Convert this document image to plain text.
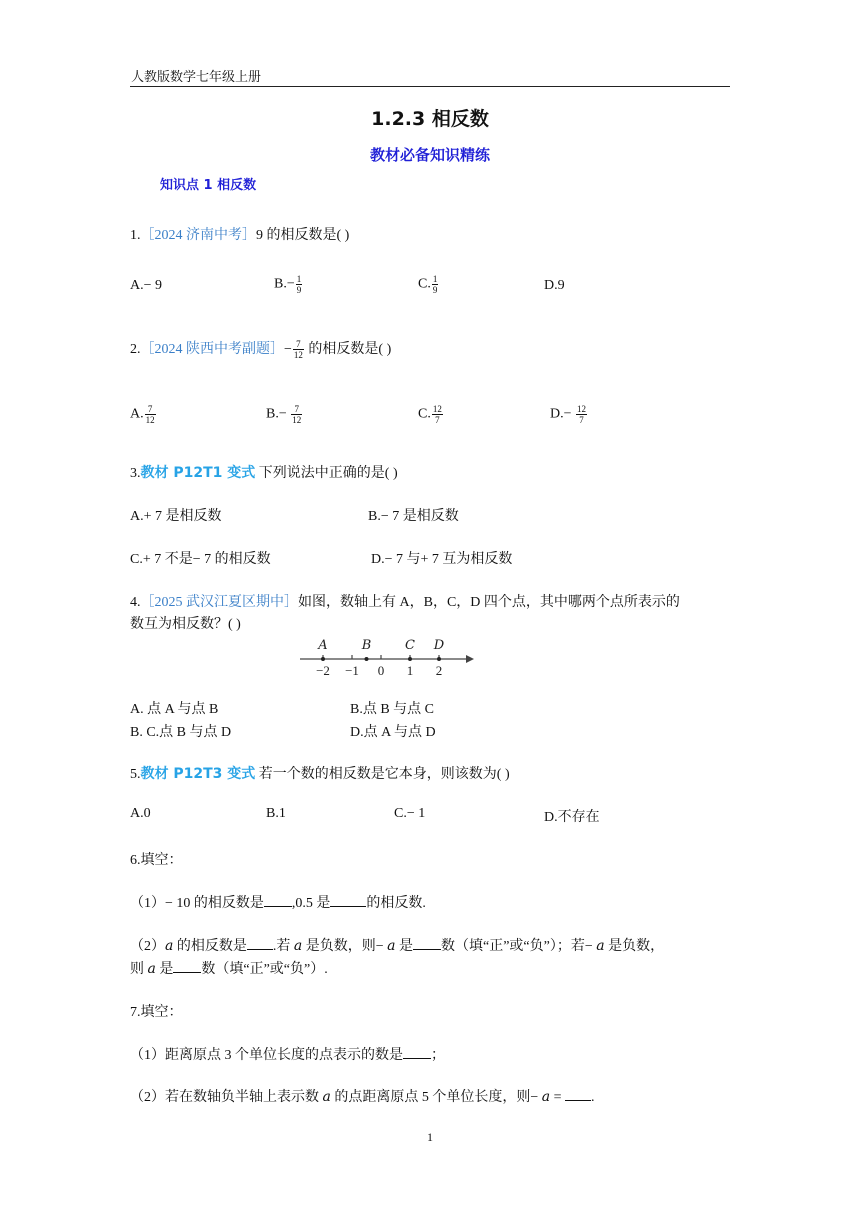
人教版数学七年级上册
1.2.3 相反数
教材必备知识精练
知识点 1 相反数
1.［2024 济南中考］9 的相反数是( )
A.− 9	$B.- \frac{1}{9}$	C. $\frac{1}{9}$	D.9
2.［2024 陕西中考副题］− $\frac{7}{12}$ 的相反数是( )
A. $\frac{7}{12}$	$B.- \frac{7}{12}$	C. $\frac{12}{7}$	$D.- \frac{12}{7}$
3.教材 P12T1 变式 下列说法中正确的是( )
A.+ 7 是相反数	B.− 7 是相反数
C.+ 7 不是− 7 的相反数	D.− 7 与+ 7 互为相反数
4.［2025 武汉江夏区期中］如图，数轴上有 A，B，C，D 四个点，其中哪两个点所表示的
数互为相反数？( )
−2 −1 0 1 2
A	B	C D
A. 点 A 与点 B	B.点 B 与点 C
B. C.点 B 与点 D	D.点 A 与点 D
5.教材 P12T3 变式 若一个数的相反数是它本身，则该数为( )
A.0	B.1	C.− 1	D.不存在
6.填空：
（1）− 10 的相反数是 ,0.5 是	的相反数.
（2）a 的相反数是 .若 a 是负数，则− a 是 数（填“正”或“负”）；若− a 是负数，
则 a 是 数（填“正”或“负”）.
7.填空：
（1）距离原点 3 个单位长度的点表示的数是 ；
（2）若在数轴负半轴上表示数 a 的点距离原点 5 个单位长度，则− a = .
1
